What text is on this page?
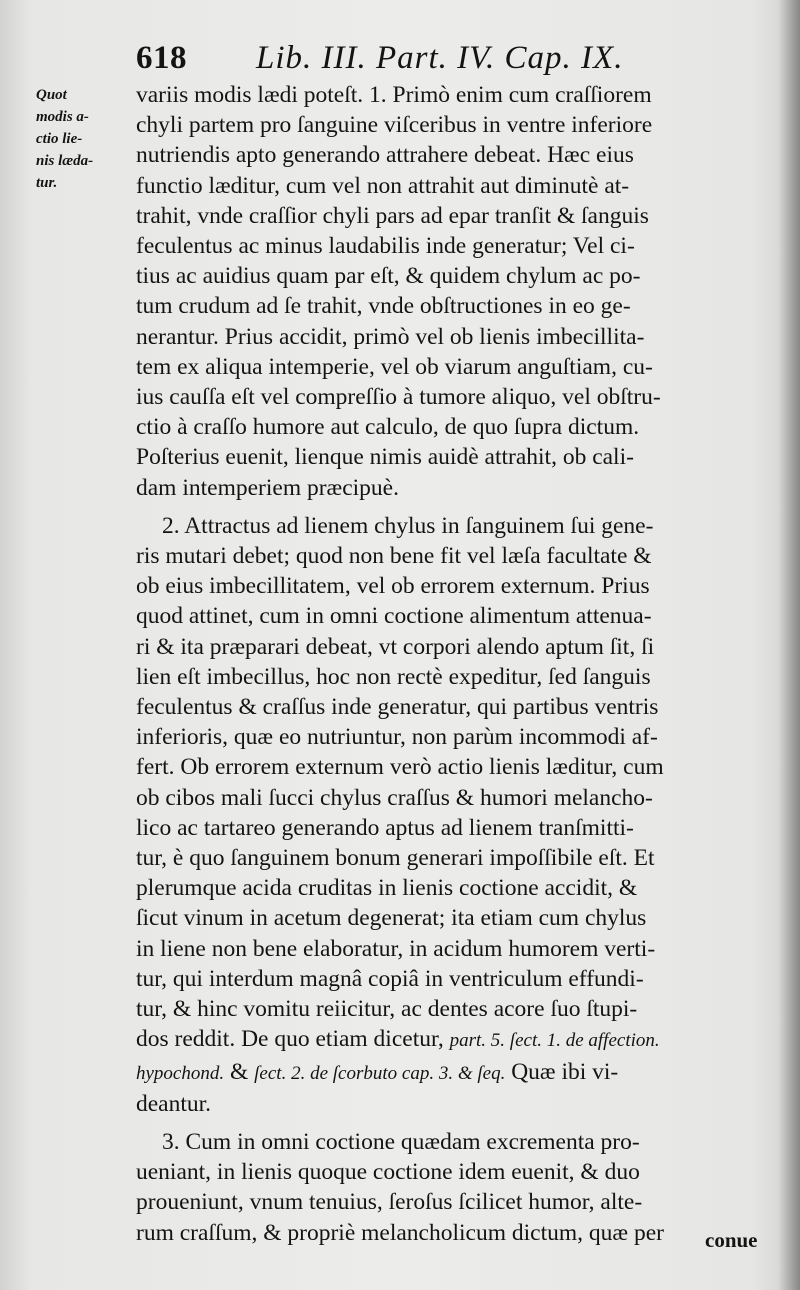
618 Lib. III. Part. IV. Cap. IX.
Quot
modis a-
ctio lie-
nis læda-
tur.
variis modis lædi poteſt. 1. Primò enim cum craſſiorem
chyli partem pro ſanguine viſceribus in ventre inferiore
nutriendis apto generando attrahere debeat. Hæc eius
functio læditur, cum vel non attrahit aut diminutè at-
trahit, vnde craſſior chyli pars ad epar tranſit & ſanguis
feculentus ac minus laudabilis inde generatur; Vel ci-
tius ac auidius quam par eſt, & quidem chylum ac po-
tum crudum ad ſe trahit, vnde obſtructiones in eo ge-
nerantur. Prius accidit, primò vel ob lienis imbecillita-
tem ex aliqua intemperie, vel ob viarum anguſtiam, cu-
ius cauſſa eſt vel compreſſio à tumore aliquo, vel obſtru-
ctio à craſſo humore aut calculo, de quo ſupra dictum.
Poſterius euenit, lienque nimis auidè attrahit, ob cali-
dam intemperiem præcipuè.
2. Attractus ad lienem chylus in ſanguinem ſui gene-
ris mutari debet; quod non bene fit vel læſa facultate &
ob eius imbecillitatem, vel ob errorem externum. Prius
quod attinet, cum in omni coctione alimentum attenua-
ri & ita præparari debeat, vt corpori alendo aptum ſit, ſi
lien eſt imbecillus, hoc non rectè expeditur, ſed ſanguis
feculentus & craſſus inde generatur, qui partibus ventris
inferioris, quæ eo nutriuntur, non parùm incommodi af-
fert. Ob errorem externum verò actio lienis læditur, cum
ob cibos mali ſucci chylus craſſus & humori melancho-
lico ac tartareo generando aptus ad lienem tranſmitti-
tur, è quo ſanguinem bonum generari impoſſibile eſt. Et
plerumque acida cruditas in lienis coctione accidit, &
ſicut vinum in acetum degenerat; ita etiam cum chylus
in liene non bene elaboratur, in acidum humorem verti-
tur, qui interdum magnâ copiâ in ventriculum effundi-
tur, & hinc vomitu reiicitur, ac dentes acore ſuo ſtupi-
dos reddit. De quo etiam dicetur, part. 5. ſect. 1. de affection.
hypochond. & ſect. 2. de ſcorbuto cap. 3. & ſeq. Quæ ibi vi-
deantur.
3. Cum in omni coctione quædam excrementa pro-
ueniant, in lienis quoque coctione idem euenit, & duo
proueniunt, vnum tenuius, ſeroſus ſcilicet humor, alte-
rum craſſum, & propriè melancholicum dictum, quæ per	conue
